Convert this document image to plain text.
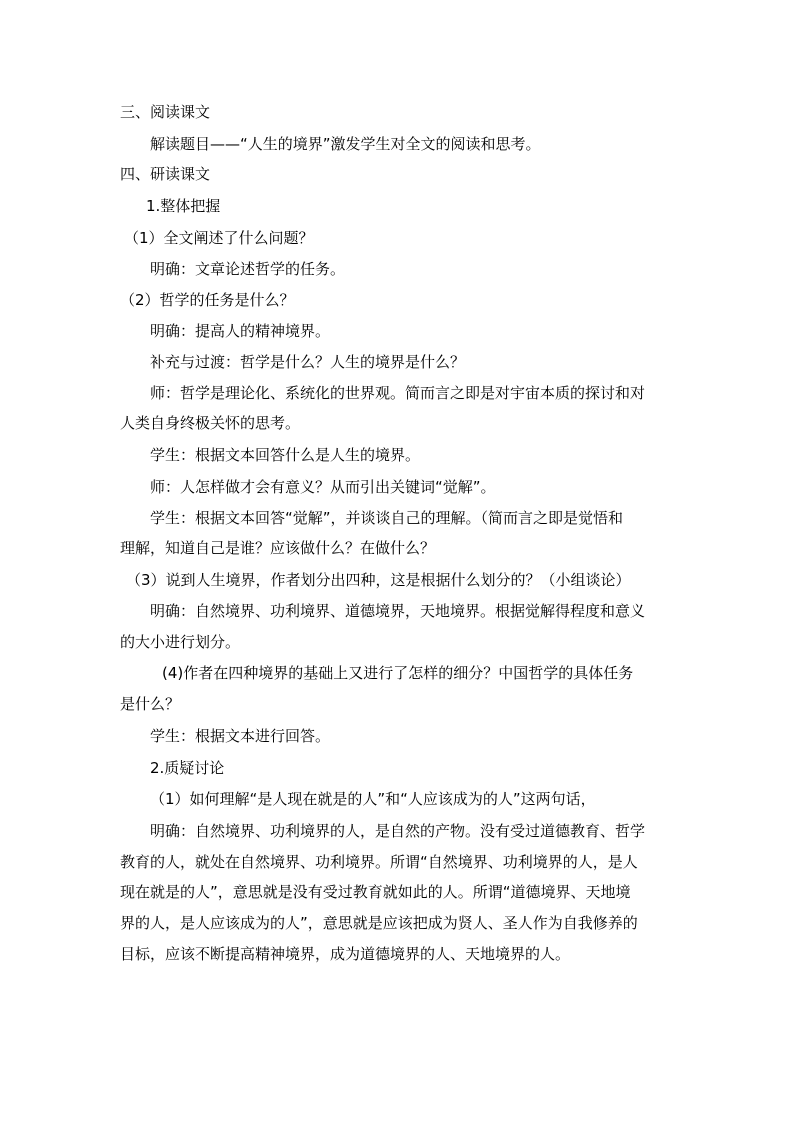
三、阅读课文
解读题目——“人生的境界”激发学生对全文的阅读和思考。
四、研读课文
1.整体把握
（1）全文阐述了什么问题？
明确：文章论述哲学的任务。
（2）哲学的任务是什么？
明确：提高人的精神境界。
补充与过渡：哲学是什么？人生的境界是什么？
师：哲学是理论化、系统化的世界观。简而言之即是对宇宙本质的探讨和对
人类自身终极关怀的思考。
学生：根据文本回答什么是人生的境界。
师：人怎样做才会有意义？从而引出关键词“觉解”。
学生：根据文本回答“觉解”，并谈谈自己的理解。（简而言之即是觉悟和
理解，知道自己是谁？应该做什么？在做什么？
（3）说到人生境界，作者划分出四种，这是根据什么划分的？（小组谈论）
明确：自然境界、功利境界、道德境界，天地境界。根据觉解得程度和意义
的大小进行划分。
(4)作者在四种境界的基础上又进行了怎样的细分？中国哲学的具体任务
是什么？
学生：根据文本进行回答。
2.质疑讨论
（1）如何理解“是人现在就是的人”和“人应该成为的人”这两句话，
明确：自然境界、功利境界的人，是自然的产物。没有受过道德教育、哲学
教育的人，就处在自然境界、功利境界。所谓“自然境界、功利境界的人，是人
现在就是的人”，意思就是没有受过教育就如此的人。所谓“道德境界、天地境
界的人，是人应该成为的人”，意思就是应该把成为贤人、圣人作为自我修养的
目标，应该不断提高精神境界，成为道德境界的人、天地境界的人。
